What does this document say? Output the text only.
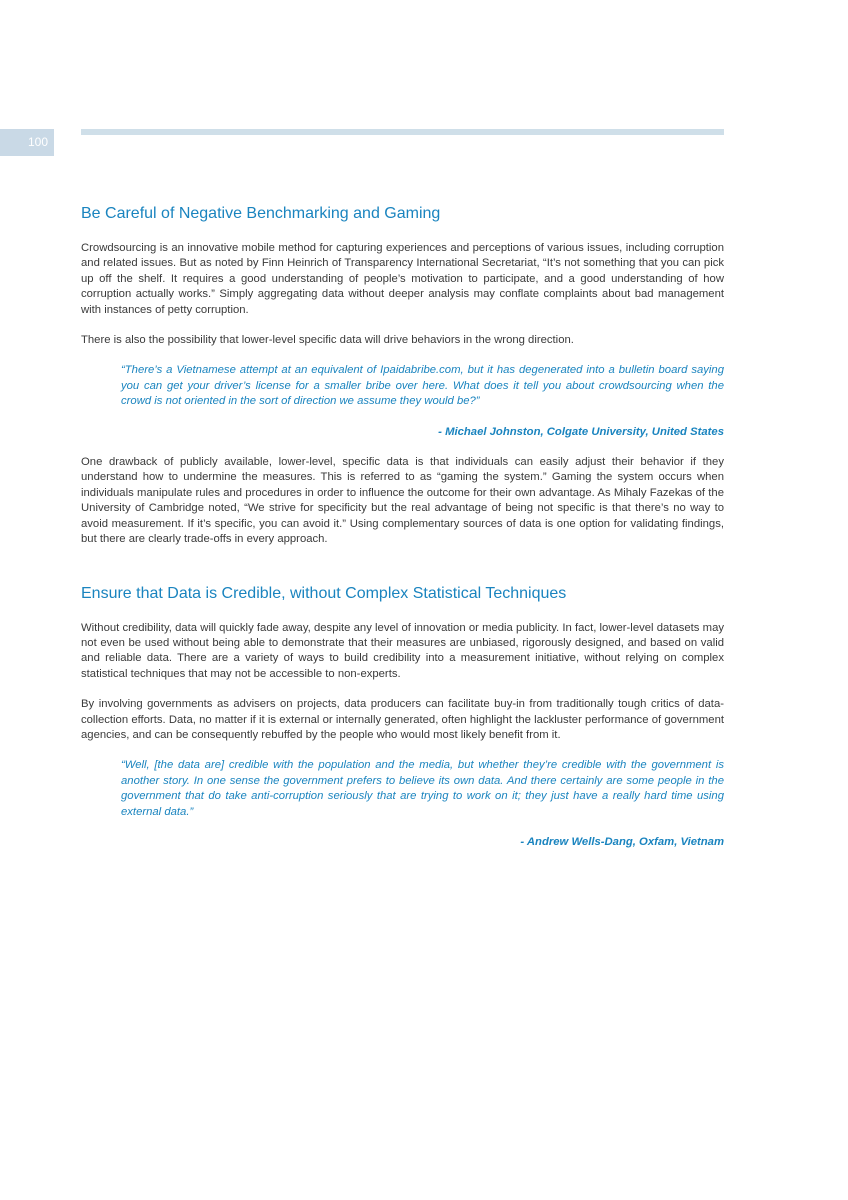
100
Be Careful of Negative Benchmarking and Gaming

Crowdsourcing is an innovative mobile method for capturing experiences and perceptions of various issues, including corruption and related issues. But as noted by Finn Heinrich of Transparency International Secretariat, “It’s not something that you can pick up off the shelf. It requires a good understanding of people’s motivation to participate, and a good understanding of how corruption actually works.” Simply aggregating data without deeper analysis may conflate complaints about bad management with instances of petty corruption.

There is also the possibility that lower-level specific data will drive behaviors in the wrong direction.

“There’s a Vietnamese attempt at an equivalent of Ipaidabribe.com, but it has degenerated into a bulletin board saying you can get your driver’s license for a smaller bribe over here. What does it tell you about crowdsourcing when the crowd is not oriented in the sort of direction we assume they would be?”

- Michael Johnston, Colgate University, United States

One drawback of publicly available, lower-level, specific data is that individuals can easily adjust their behavior if they understand how to undermine the measures. This is referred to as “gaming the system.” Gaming the system occurs when individuals manipulate rules and procedures in order to influence the outcome for their own advantage. As Mihaly Fazekas of the University of Cambridge noted, “We strive for specificity but the real advantage of being not specific is that there’s no way to avoid measurement. If it’s specific, you can avoid it.” Using complementary sources of data is one option for validating findings, but there are clearly trade-offs in every approach.

Ensure that Data is Credible, without Complex Statistical Techniques

Without credibility, data will quickly fade away, despite any level of innovation or media publicity. In fact, lower-level datasets may not even be used without being able to demonstrate that their measures are unbiased, rigorously designed, and based on valid and reliable data. There are a variety of ways to build credibility into a measurement initiative, without relying on complex statistical techniques that may not be accessible to non-experts.

By involving governments as advisers on projects, data producers can facilitate buy-in from traditionally tough critics of data-collection efforts. Data, no matter if it is external or internally generated, often highlight the lackluster performance of government agencies, and can be consequently rebuffed by the people who would most likely benefit from it.

“Well, [the data are] credible with the population and the media, but whether they’re credible with the government is another story. In one sense the government prefers to believe its own data. And there certainly are some people in the government that do take anti-corruption seriously that are trying to work on it; they just have a really hard time using external data.”

- Andrew Wells-Dang, Oxfam, Vietnam
